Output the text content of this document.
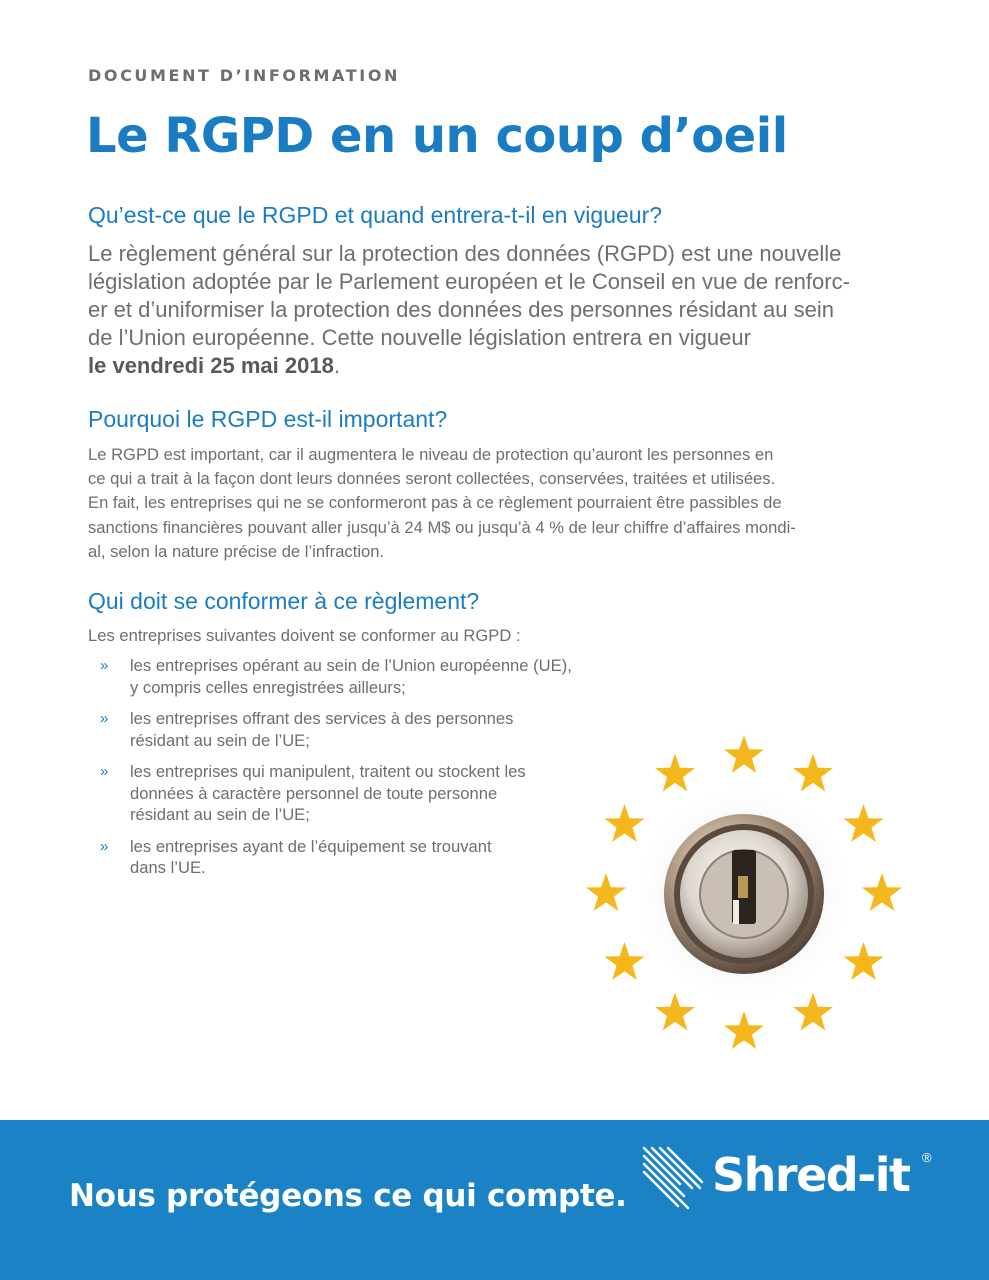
DOCUMENT D’INFORMATION
Le RGPD en un coup d’oeil
Qu’est-ce que le RGPD et quand entrera-t-il en vigueur?

Le règlement général sur la protection des données (RGPD) est une nouvelle
législation adoptée par le Parlement européen et le Conseil en vue de renforc-
er et d’uniformiser la protection des données des personnes résidant au sein
de l’Union européenne. Cette nouvelle législation entrera en vigueur
le vendredi 25 mai 2018.

Pourquoi le RGPD est-il important?

Le RGPD est important, car il augmentera le niveau de protection qu’auront les personnes en
ce qui a trait à la façon dont leurs données seront collectées, conservées, traitées et utilisées.
En fait, les entreprises qui ne se conformeront pas à ce règlement pourraient être passibles de
sanctions financières pouvant aller jusqu’à 24 M$ ou jusqu’à 4 % de leur chiffre d’affaires mondi-
al, selon la nature précise de l’infraction.

Qui doit se conformer à ce règlement?

Les entreprises suivantes doivent se conformer au RGPD :

» les entreprises opérant au sein de l’Union européenne (UE),
y compris celles enregistrées ailleurs;
» les entreprises offrant des services à des personnes
résidant au sein de l’UE;
» les entreprises qui manipulent, traitent ou stockent les
données à caractère personnel de toute personne
résidant au sein de l’UE;
» les entreprises ayant de l’équipement se trouvant
dans l’UE.

Nous protégeons ce qui compte. Shred-it ®
